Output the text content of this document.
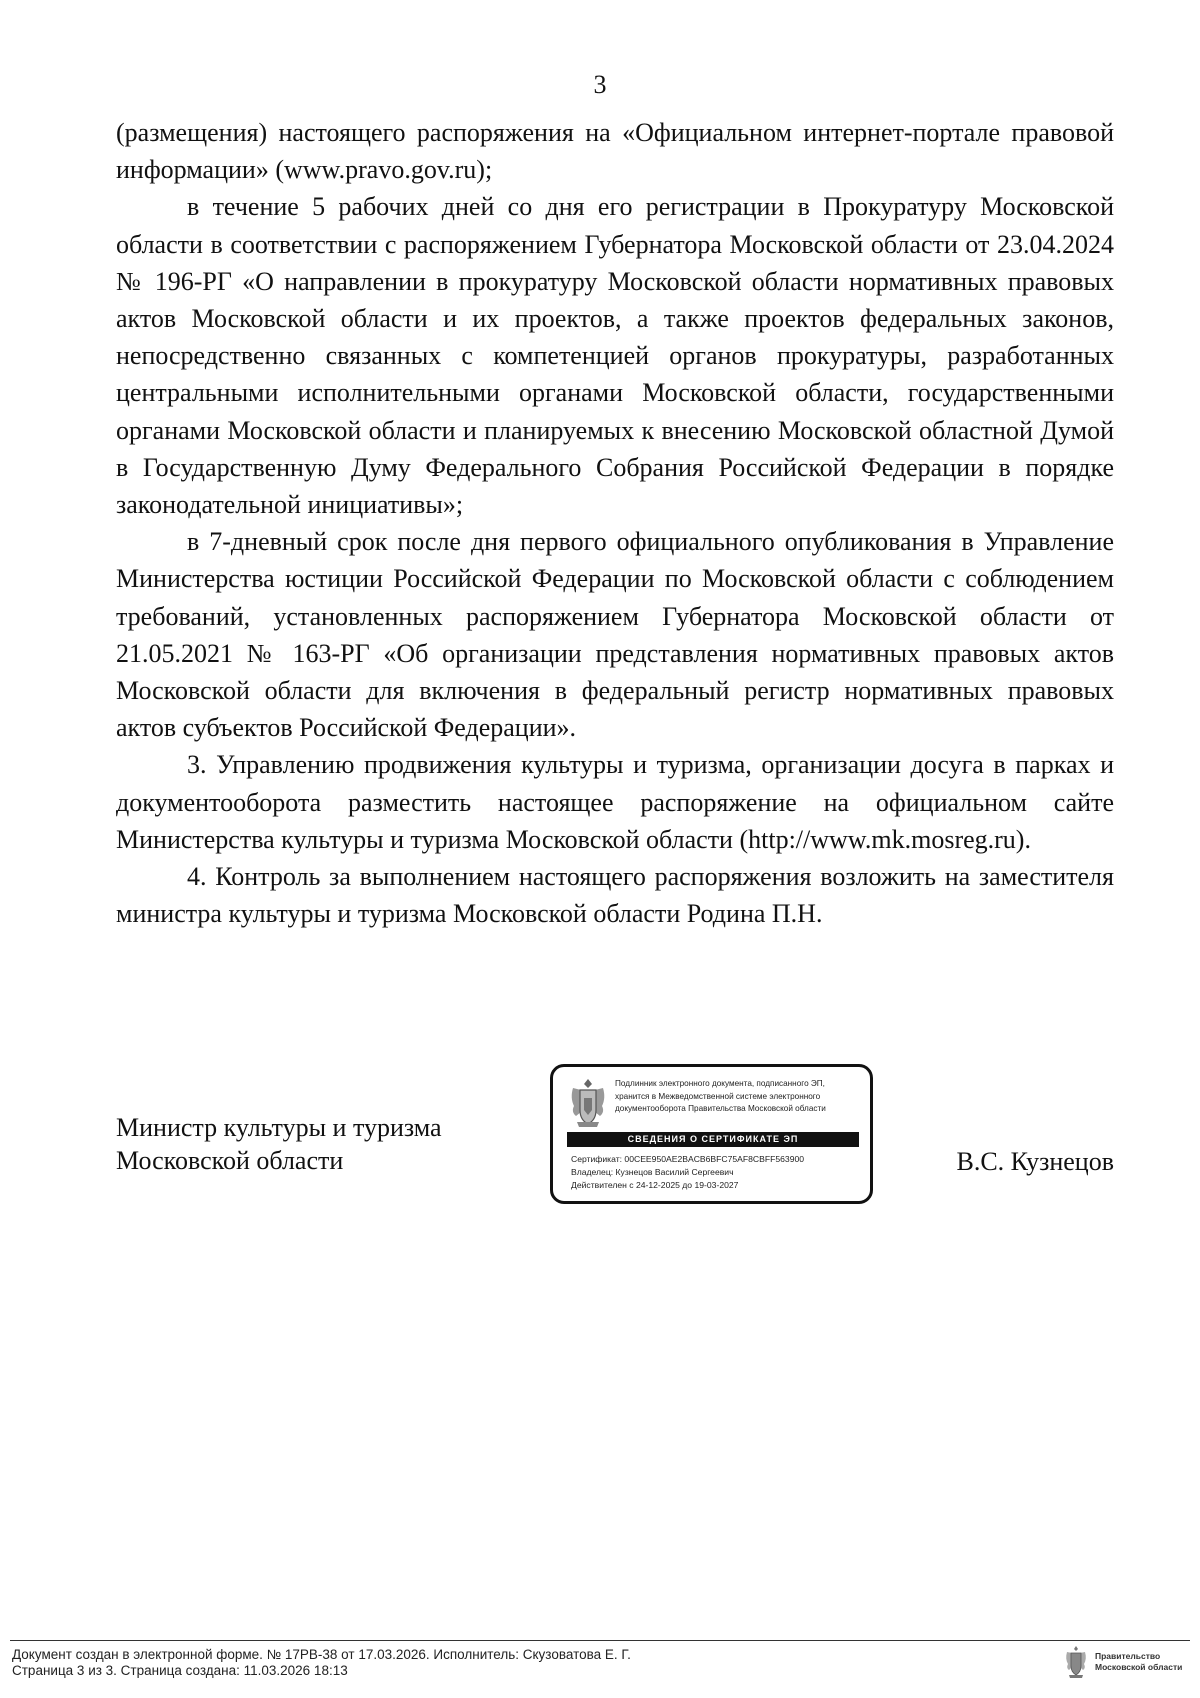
3

(размещения) настоящего распоряжения на «Официальном интернет-портале правовой информации» (www.pravo.gov.ru);

в течение 5 рабочих дней со дня его регистрации в Прокуратуру Московской области в соответствии с распоряжением Губернатора Московской области от 23.04.2024 № 196-РГ «О направлении в прокуратуру Московской области нормативных правовых актов Московской области и их проектов, а также проектов федеральных законов, непосредственно связанных с компетенцией органов прокуратуры, разработанных центральными исполнительными органами Московской области, государственными органами Московской области и планируемых к внесению Московской областной Думой в Государственную Думу Федерального Собрания Российской Федерации в порядке законодательной инициативы»;

в 7-дневный срок после дня первого официального опубликования в Управление Министерства юстиции Российской Федерации по Московской области с соблюдением требований, установленных распоряжением Губернатора Московской области от 21.05.2021 № 163-РГ «Об организации представления нормативных правовых актов Московской области для включения в федеральный регистр нормативных правовых актов субъектов Российской Федерации».

3. Управлению продвижения культуры и туризма, организации досуга в парках и документооборота разместить настоящее распоряжение на официальном сайте Министерства культуры и туризма Московской области (http://www.mk.mosreg.ru).

4. Контроль за выполнением настоящего распоряжения возложить на заместителя министра культуры и туризма Московской области Родина П.Н.

Министр культуры и туризма
Московской области
Подлинник электронного документа, подписанного ЭП,
хранится в Межведомственной системе электронного
документооборота Правительства Московской области
СВЕДЕНИЯ О СЕРТИФИКАТЕ ЭП
Сертификат: 00CEE950AE2BACB6BFC75AF8CBFF563900
Владелец: Кузнецов Василий Сергеевич
Действителен с 24-12-2025 до 19-03-2027
В.С. Кузнецов
Документ создан в электронной форме. № 17РВ-38 от 17.03.2026. Исполнитель: Скузоватова Е. Г.
Страница 3 из 3. Страница создана: 11.03.2026 18:13
Правительство
Московской области
